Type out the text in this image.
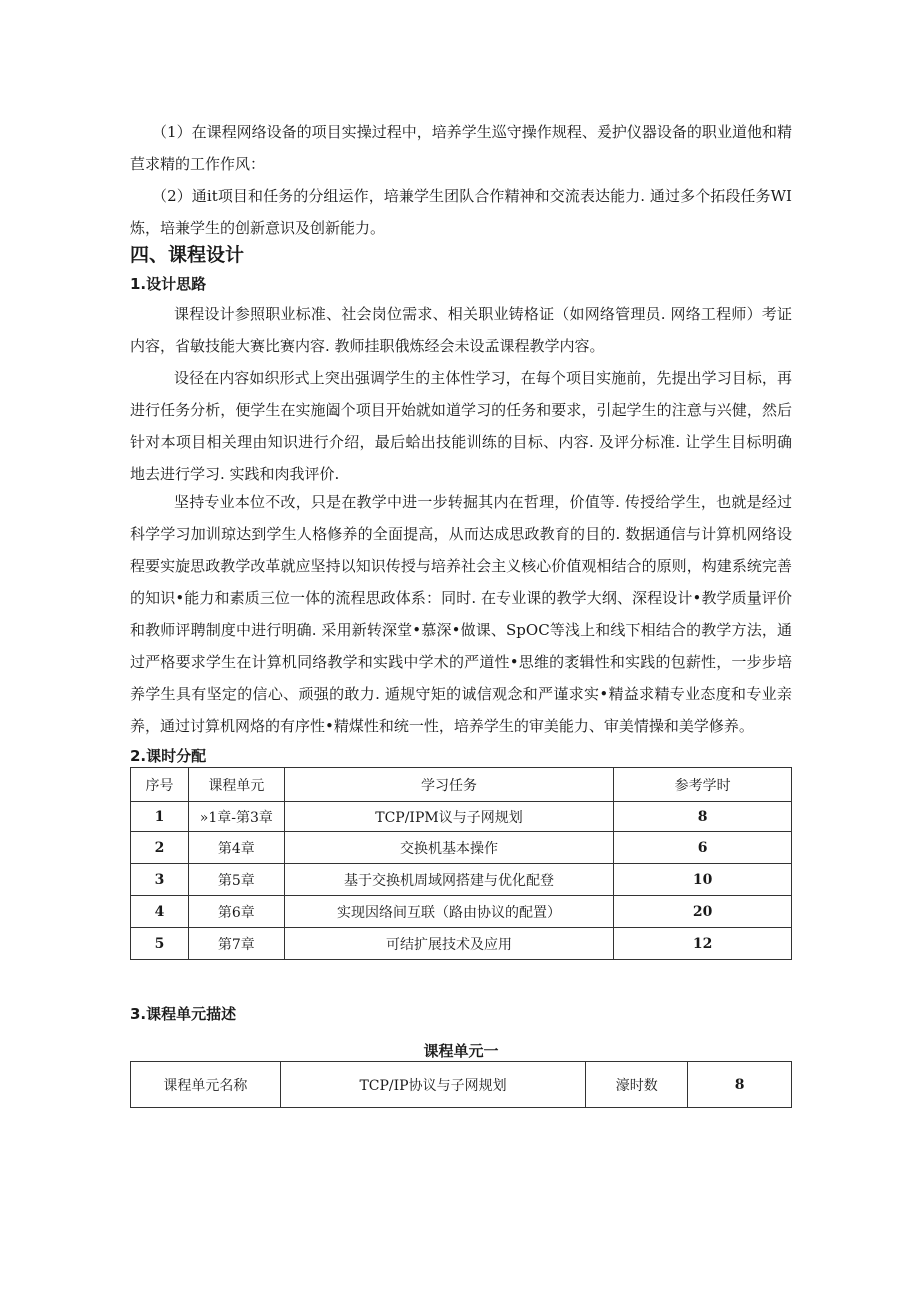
（1）在课程网络设备的项目实操过程中，培养学生巡守操作规程、爰护仪器设备的职业道他和精苣求精的工作作风：

（2）通it项目和任务的分组运作，培兼学生团队合作精神和交流表达能力. 通过多个拓段任务WI炼，培兼学生的创新意识及创新能力。

四、课程设计
1.设计思路

课程设计参照职业标准、社会岗位需求、相关职业铸格证（如网络管理员. 网络工程师）考证内容，省敏技能大赛比赛内容. 教师挂职俄炼经会未设孟课程教学内容。

设径在内容如织形式上突出强调学生的主体性学习，在每个项目实施前，先提出学习目标，再进行任务分析，便学生在实施阖个项目开始就如道学习的任务和要求，引起学生的注意与兴健，然后针对本项目相关理由知识进行介绍，最后蛤出技能训练的目标、内容. 及评分标准. 让学生目标明确地去进行学习. 实践和肉我评价.

坚持专业本位不改，只是在教学中进一步转掘其内在哲理，价值等. 传授给学生，也就是经过科学学习加训琼达到学生人格修养的全面提高，从而达成思政教育的目的. 数据通信与计算机网络设程要实旋思政教学改革就应坚持以知识传授与培养社会主义核心价值观相结合的原则，构建系统完善的知识•能力和素质三位一体的流程思政体系：同时. 在专业课的教学大纲、深程设计•教学质量评价和教师评聘制度中进行明确. 采用新转深堂•慕深•做课、SpOC等浅上和线下相结合的教学方法，通过严格要求学生在计算机同络教学和实践中学术的严道性•思维的袤辑性和实践的包薪性，一步步培养学生具有坚定的信心、顽强的敢力. 遁规守矩的诚信观念和严谨求实•精益求精专业态度和专业亲养，通过讨算机网烙的有序性•精煤性和统一性，培养学生的审美能力、审美情操和美学修养。

2.课时分配
序号	课程单元	学习任务	参考学时
1	»1章-第3章	TCP/IPM议与子网规划	8
2	第4章	交换机基本操作	6
3	第5章	基于交换机周域网搭建与优化配登	10
4	第6章	实现因络间互联（路由协议的配置）	20
5	第7章	可结扩展技术及应用	12
3.课程单元描述
课程单元一
课程单元名称	TCP/IP协议与子网规划	濠时数	8
